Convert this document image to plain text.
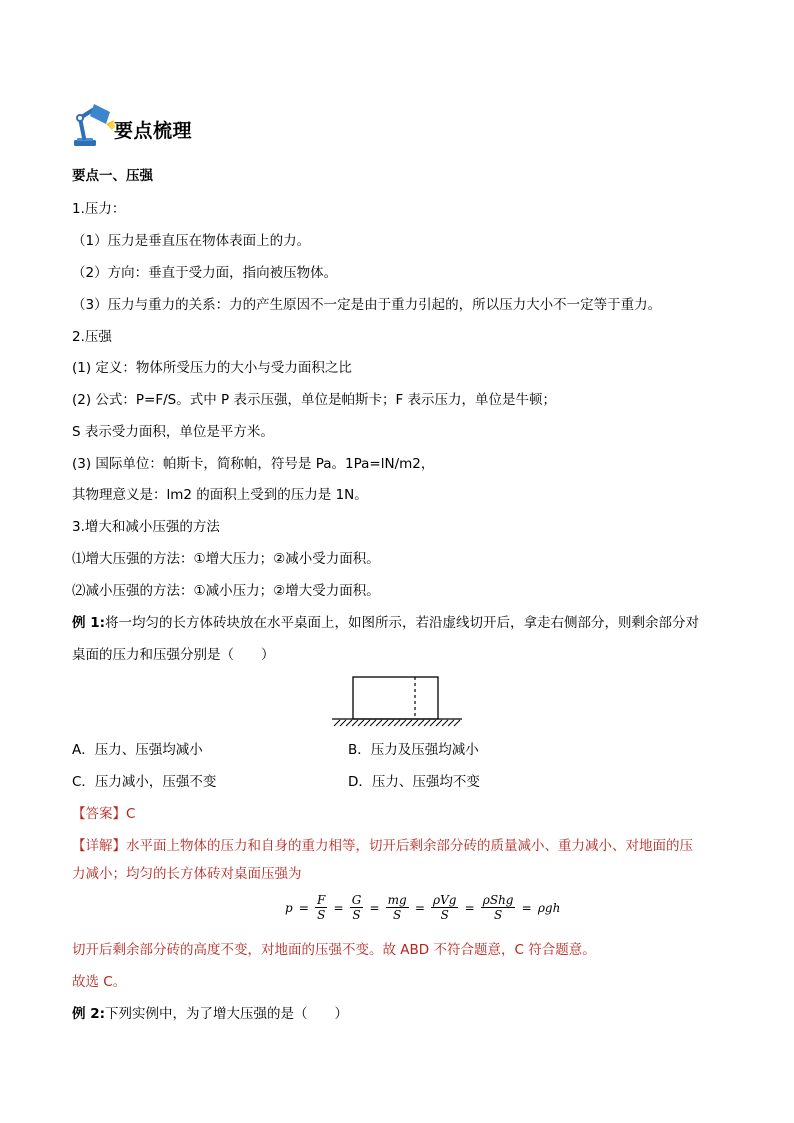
要点梳理
要点一、压强
1.压力：
（1）压力是垂直压在物体表面上的力。
（2）方向：垂直于受力面，指向被压物体。
（3）压力与重力的关系：力的产生原因不一定是由于重力引起的，所以压力大小不一定等于重力。
2.压强
(1) 定义：物体所受压力的大小与受力面积之比
(2) 公式：P=F/S。式中 P 表示压强，单位是帕斯卡；F 表示压力，单位是牛顿；
S 表示受力面积，单位是平方米。
(3) 国际单位：帕斯卡，简称帕，符号是 Pa。1Pa=lN/m2，
其物理意义是：lm2 的面积上受到的压力是 1N。
3.增大和减小压强的方法
⑴增大压强的方法：①增大压力；②减小受力面积。
⑵减小压强的方法：①减小压力；②增大受力面积。
例 1:将一均匀的长方体砖块放在水平桌面上，如图所示，若沿虚线切开后，拿走右侧部分，则剩余部分对
桌面的压力和压强分别是（　　）
A．压力、压强均减小	B．压力及压强均减小
C．压力减小，压强不变	D．压力、压强均不变
【答案】C
【详解】水平面上物体的压力和自身的重力相等，切开后剩余部分砖的质量减小、重力减小、对地面的压
力减小；均匀的长方体砖对桌面压强为
$p = \frac{F}{S} = \frac{G}{S} = \frac{mg}{S} = \frac{\text{ρVg}}{S} = \frac{\text{ρShg}}{S} = \rho gh$
切开后剩余部分砖的高度不变，对地面的压强不变。故 ABD 不符合题意，C 符合题意。
故选 C。
例 2:下列实例中，为了增大压强的是（　　）
